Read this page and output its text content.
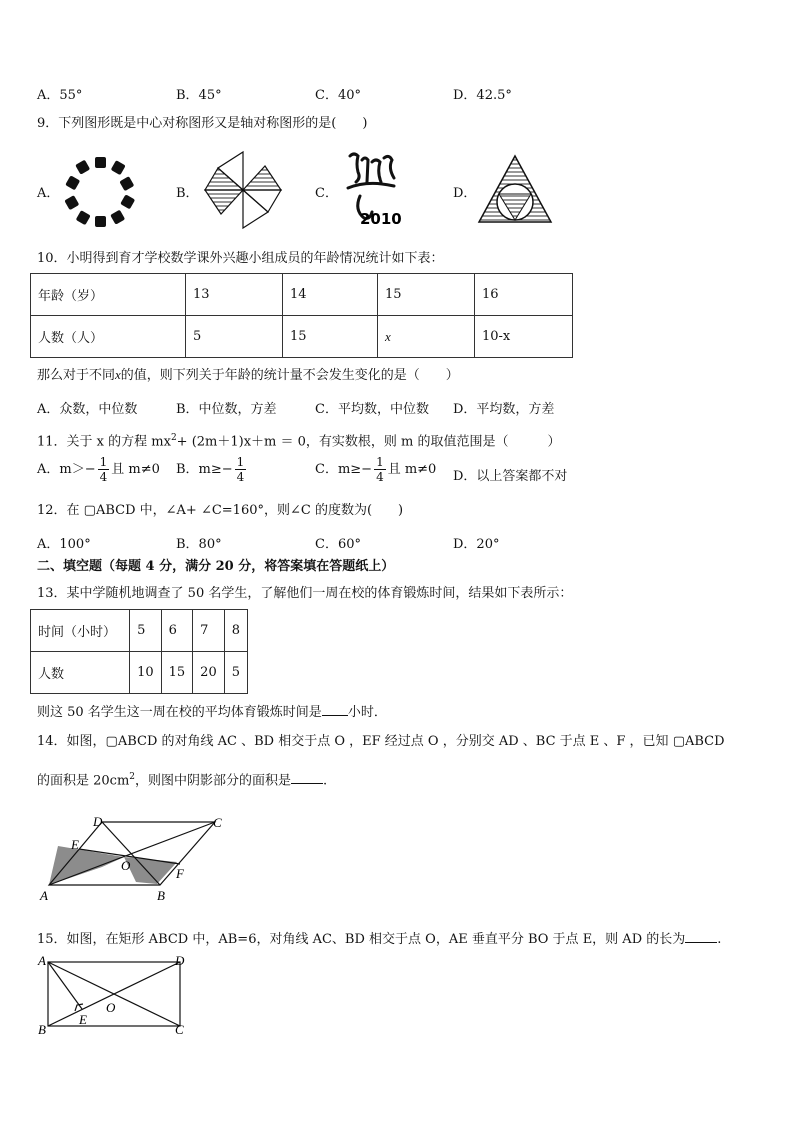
A．55°	B．45°	C．40°	D．42.5°
9．下列图形既是中心对称图形又是轴对称图形的是(　　)
A．	B．	C．
2010
D．
10．小明得到育才学校数学课外兴趣小组成员的年龄情况统计如下表：
年龄（岁）	13	14	15	16
人数（人）	5	15	x	10-x
那么对于不同x的值，则下列关于年龄的统计量不会发生变化的是（　　）
A．众数，中位数	B．中位数，方差	C．平均数，中位数 D．平均数，方差
11．关于 x 的方程 $mx^2+ (2m+1)x+m = 0$，有实数根，则 m 的取值范围是（　　　）
A．$m>- \frac{1}{4}$ 且 m≠0 B．$m\ge- \frac{1}{4}$	C．$m\ge- \frac{1}{4}$ 且 m≠0 D．以上答案都不对
12．在 ▢ABCD 中，∠A+ ∠C=160°，则∠C 的度数为(　　)
A．100°	B．80°	C．60°	D．20°
二、填空题（每题 4 分，满分 20 分，将答案填在答题纸上）
13．某中学随机地调查了 50 名学生，了解他们一周在校的体育锻炼时间，结果如下表所示：
时间（小时）	5	6	7	8
人数	10	15	20	5
则这 50 名学生这一周在校的平均体育锻炼时间是 小时．
14．如图，▢ABCD 的对角线 AC 、BD 相交于点 O ，EF 经过点 O ，分别交 AD 、BC 于点 E 、F ，已知 ▢ABCD
的面积是 $20cm^2$，则图中阴影部分的面积是 .
A	B
C
D
E
F
O
15．如图，在矩形 ABCD 中，AB=6，对角线 AC、BD 相交于点 O，AE 垂直平分 BO 于点 E，则 AD 的长为 .
A
B	C
D
E
O
